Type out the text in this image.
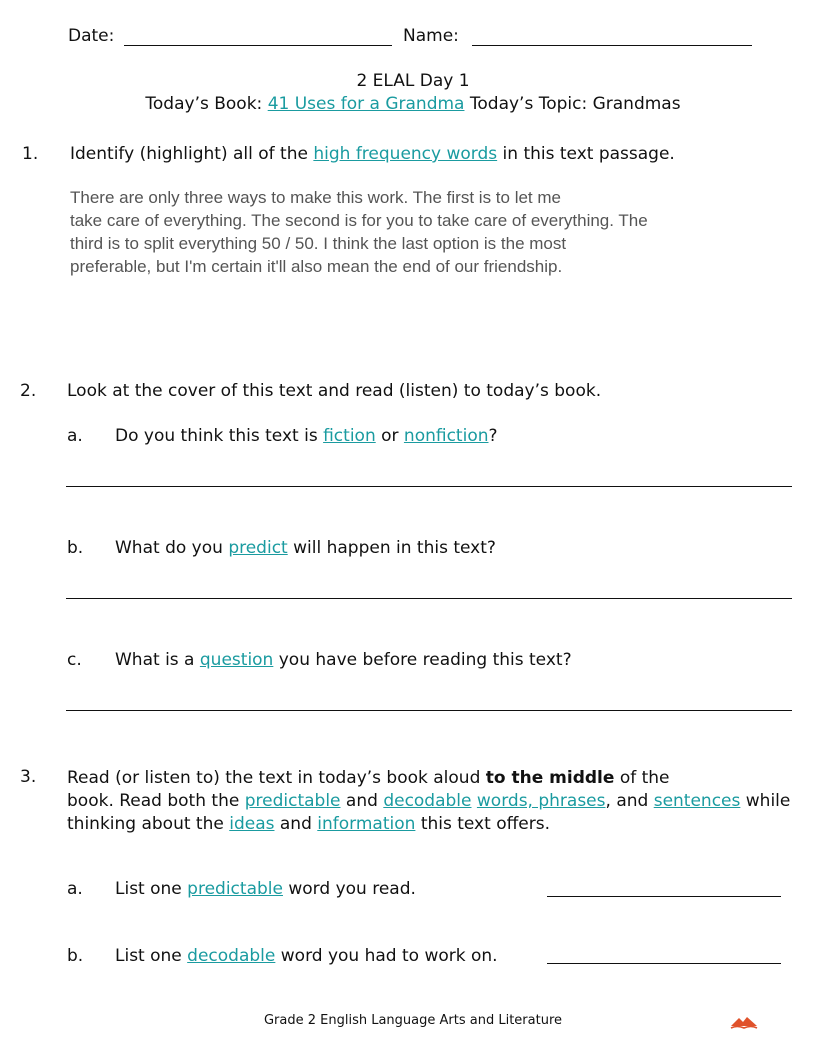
Date:	Name:
2 ELAL Day 1
Today’s Book: 41 Uses for a Grandma Today’s Topic: Grandmas
1. Identify (highlight) all of the high frequency words in this text passage.
There are only three ways to make this work. The first is to let me
take care of everything. The second is for you to take care of everything. The
third is to split everything 50 / 50. I think the last option is the most
preferable, but I'm certain it'll also mean the end of our friendship.
2. Look at the cover of this text and read (listen) to today’s book.
a. Do you think this text is fiction or nonfiction?
b. What do you predict will happen in this text?
c. What is a question you have before reading this text?
3. Read (or listen to) the text in today’s book aloud to the middle of the
book. Read both the predictable and decodable words, phrases, and sentences while
thinking about the ideas and information this text offers.
a. List one predictable word you read.
b. List one decodable word you had to work on.
Grade 2 English Language Arts and Literature
